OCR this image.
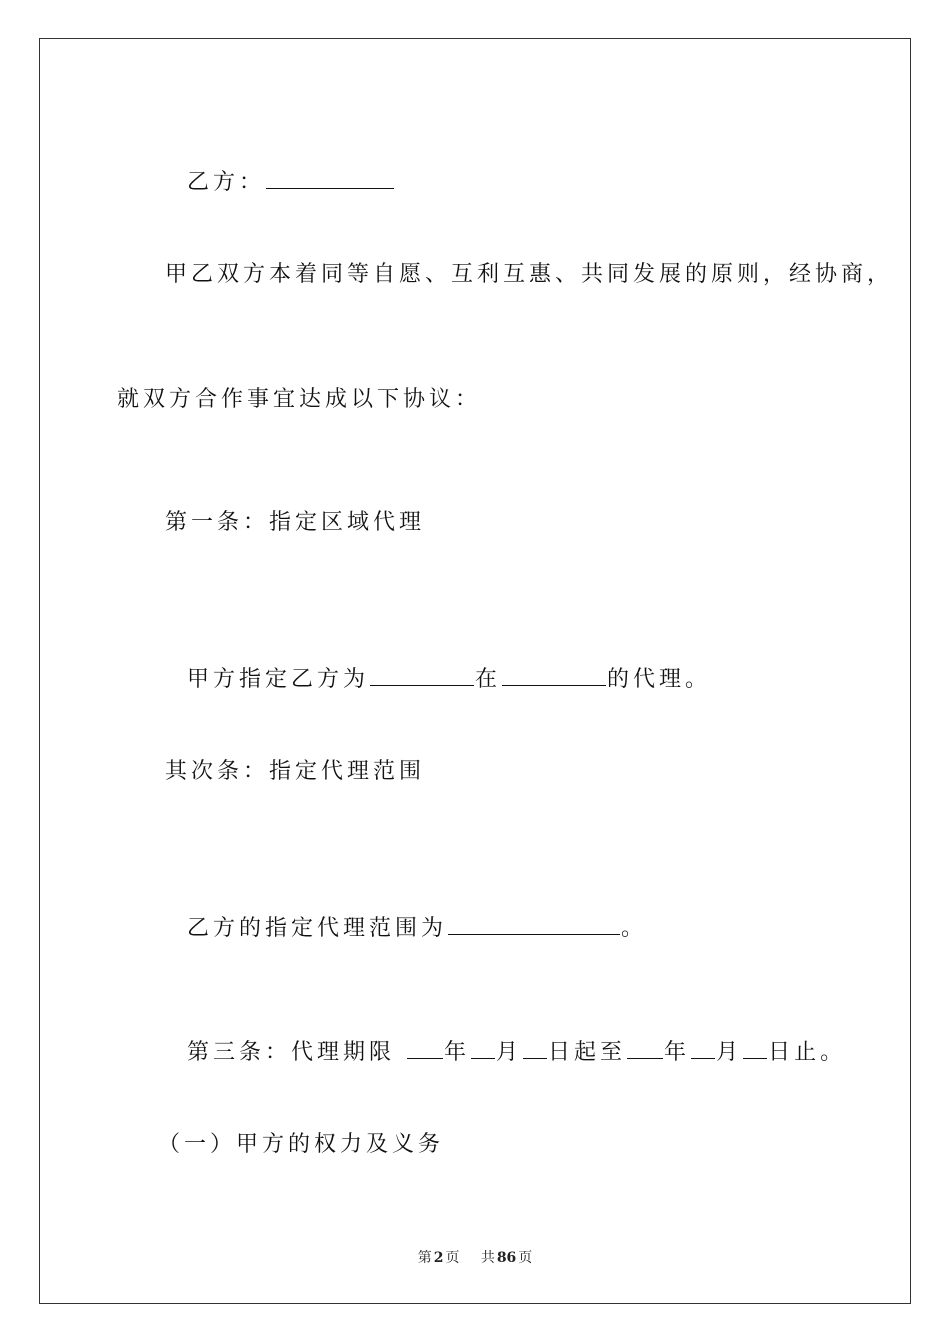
乙方：

甲乙双方本着同等自愿、互利互惠、共同发展的原则，经协商，
就双方合作事宜达成以下协议：
第一条：指定区域代理

甲方指定乙方为	在	的代理。

其次条：指定代理范围

乙方的指定代理范围为	。

第三条：代理期限 年 月 日起至 年 月 日止。

（一）甲方的权力及义务
第 2 页 共 86 页
